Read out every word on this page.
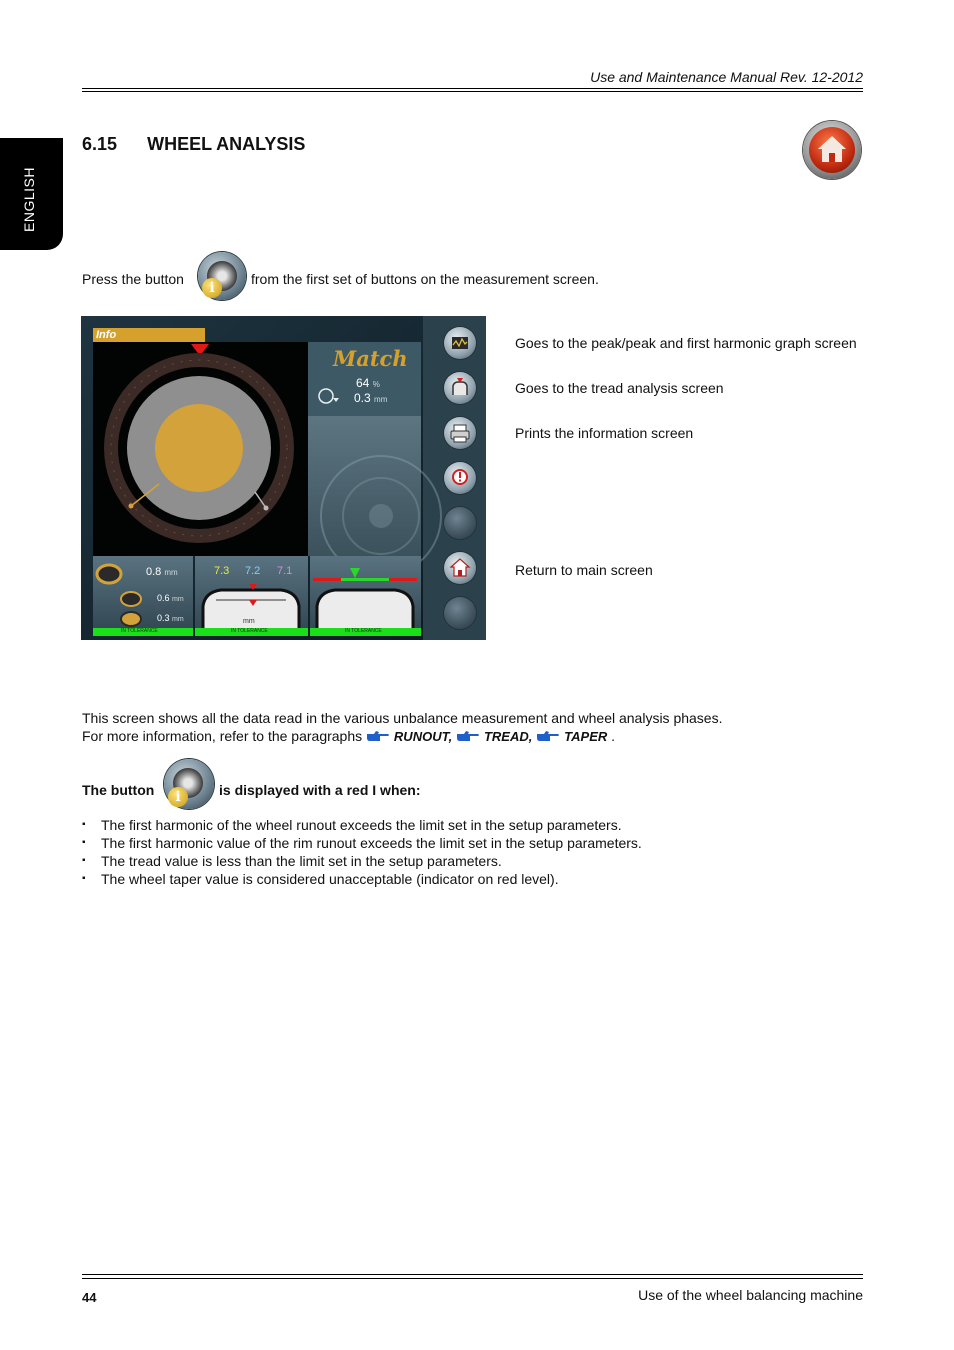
Use and Maintenance Manual Rev. 12-2012
ENGLISH
6.15 WHEEL ANALYSIS
Press the button
i
from the first set of buttons on the measurement screen.
Info
Match
64 %
0.3 mm
0.8 mm
0.6 mm
0.3 mm
7.3 7.2 7.1
mm
IN TOLERANCE	IN TOLERANCE	IN TOLERANCE
Goes to the peak/peak and first harmonic graph screen
Goes to the tread analysis screen
Prints the information screen
Return to main screen
This screen shows all the data read in the various unbalance measurement and wheel analysis phases.
For more information, refer to the paragraphs RUNOUT, TREAD, TAPER .
The button	i	is displayed with a red I when:
▪ The first harmonic of the wheel runout exceeds the limit set in the setup parameters.
▪ The first harmonic value of the rim runout exceeds the limit set in the setup parameters.
▪ The tread value is less than the limit set in the setup parameters.
▪ The wheel taper value is considered unacceptable (indicator on red level).
44	Use of the wheel balancing machine
